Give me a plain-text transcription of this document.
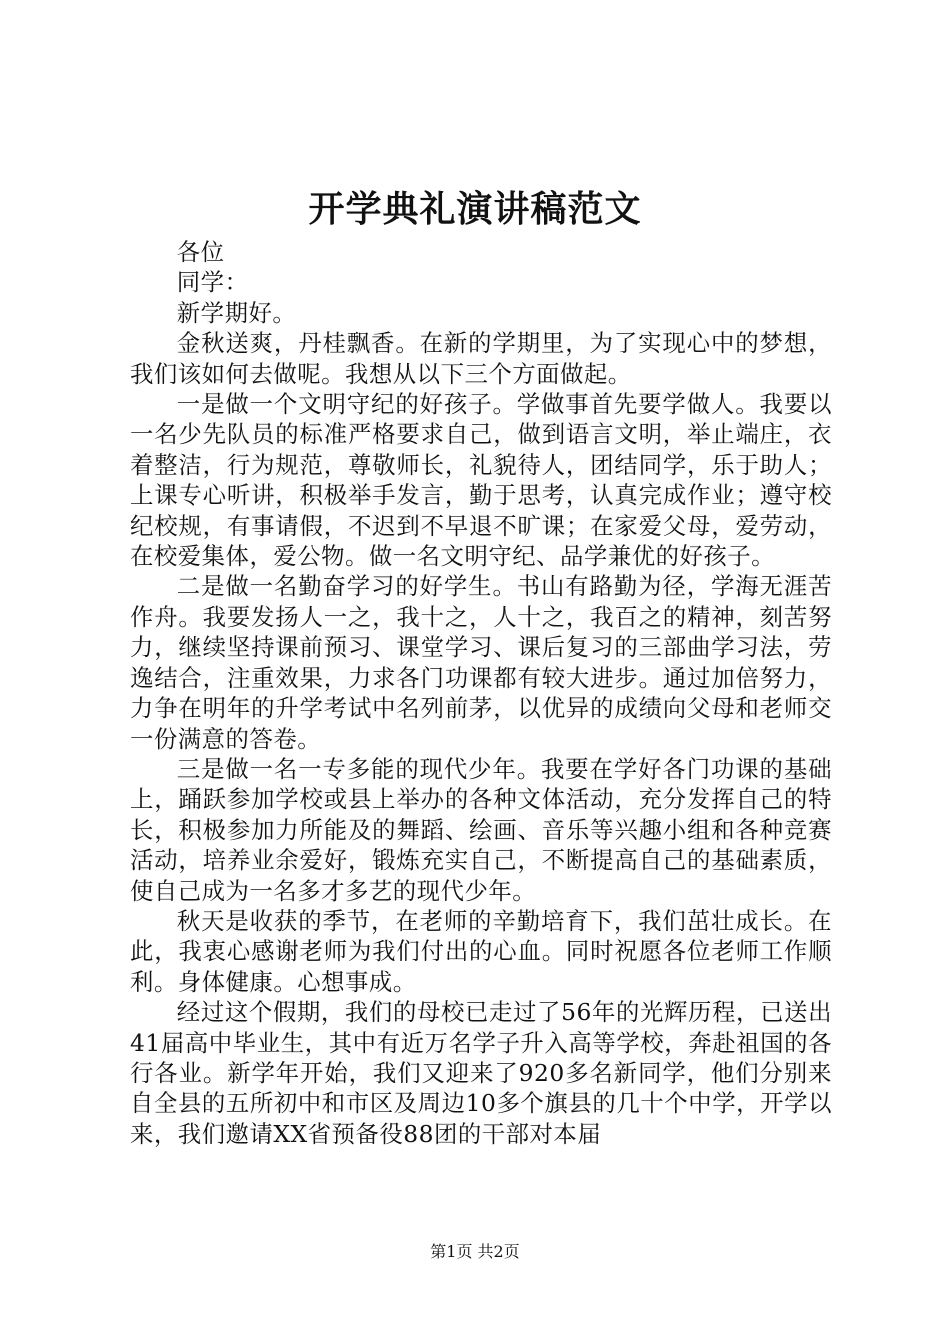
开学典礼演讲稿范文

各位

同学：

新学期好。

金秋送爽，丹桂飘香。在新的学期里，为了实现心中的梦想，我们该如何去做呢。我想从以下三个方面做起。

一是做一个文明守纪的好孩子。学做事首先要学做人。我要以一名少先队员的标准严格要求自己，做到语言文明，举止端庄，衣着整洁，行为规范，尊敬师长，礼貌待人，团结同学，乐于助人；上课专心听讲，积极举手发言，勤于思考，认真完成作业；遵守校纪校规，有事请假，不迟到不早退不旷课；在家爱父母，爱劳动，在校爱集体，爱公物。做一名文明守纪、品学兼优的好孩子。

二是做一名勤奋学习的好学生。书山有路勤为径，学海无涯苦作舟。我要发扬人一之，我十之，人十之，我百之的精神，刻苦努力，继续坚持课前预习、课堂学习、课后复习的三部曲学习法，劳逸结合，注重效果，力求各门功课都有较大进步。通过加倍努力，力争在明年的升学考试中名列前茅，以优异的成绩向父母和老师交一份满意的答卷。

三是做一名一专多能的现代少年。我要在学好各门功课的基础上，踊跃参加学校或县上举办的各种文体活动，充分发挥自己的特长，积极参加力所能及的舞蹈、绘画、音乐等兴趣小组和各种竞赛活动，培养业余爱好，锻炼充实自己，不断提高自己的基础素质，使自己成为一名多才多艺的现代少年。

秋天是收获的季节，在老师的辛勤培育下，我们茁壮成长。在此，我衷心感谢老师为我们付出的心血。同时祝愿各位老师工作顺利。身体健康。心想事成。

经过这个假期，我们的母校已走过了56年的光辉历程，已送出41届高中毕业生，其中有近万名学子升入高等学校，奔赴祖国的各行各业。新学年开始，我们又迎来了920多名新同学，他们分别来自全县的五所初中和市区及周边10多个旗县的几十个中学，开学以来，我们邀请XX省预备役88团的干部对本届

第1页 共2页
